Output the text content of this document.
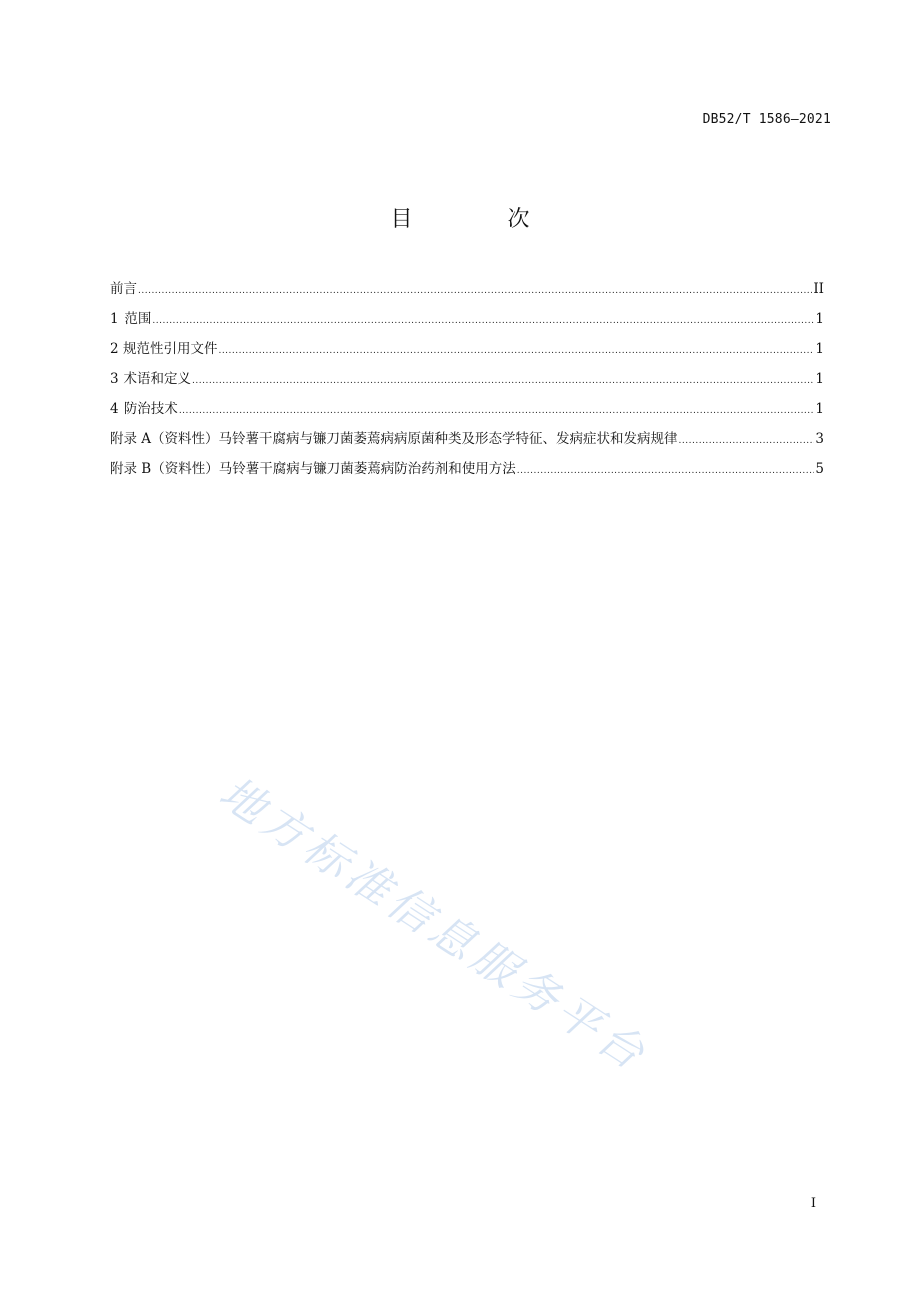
DB52/T 1586—2021
目 次
前言 .....	II
1 范围 .....	1
2 规范性引用文件 .....	1
3 术语和定义 .....	1
4 防治技术 .....	1
附录 A（资料性） 马铃薯干腐病与镰刀菌萎蔫病病原菌种类及形态学特征、发病症状和发病规律 .....	3
附录 B（资料性） 马铃薯干腐病与镰刀菌萎蔫病防治药剂和使用方法 .....	5
地方标准信息服务平台
I
